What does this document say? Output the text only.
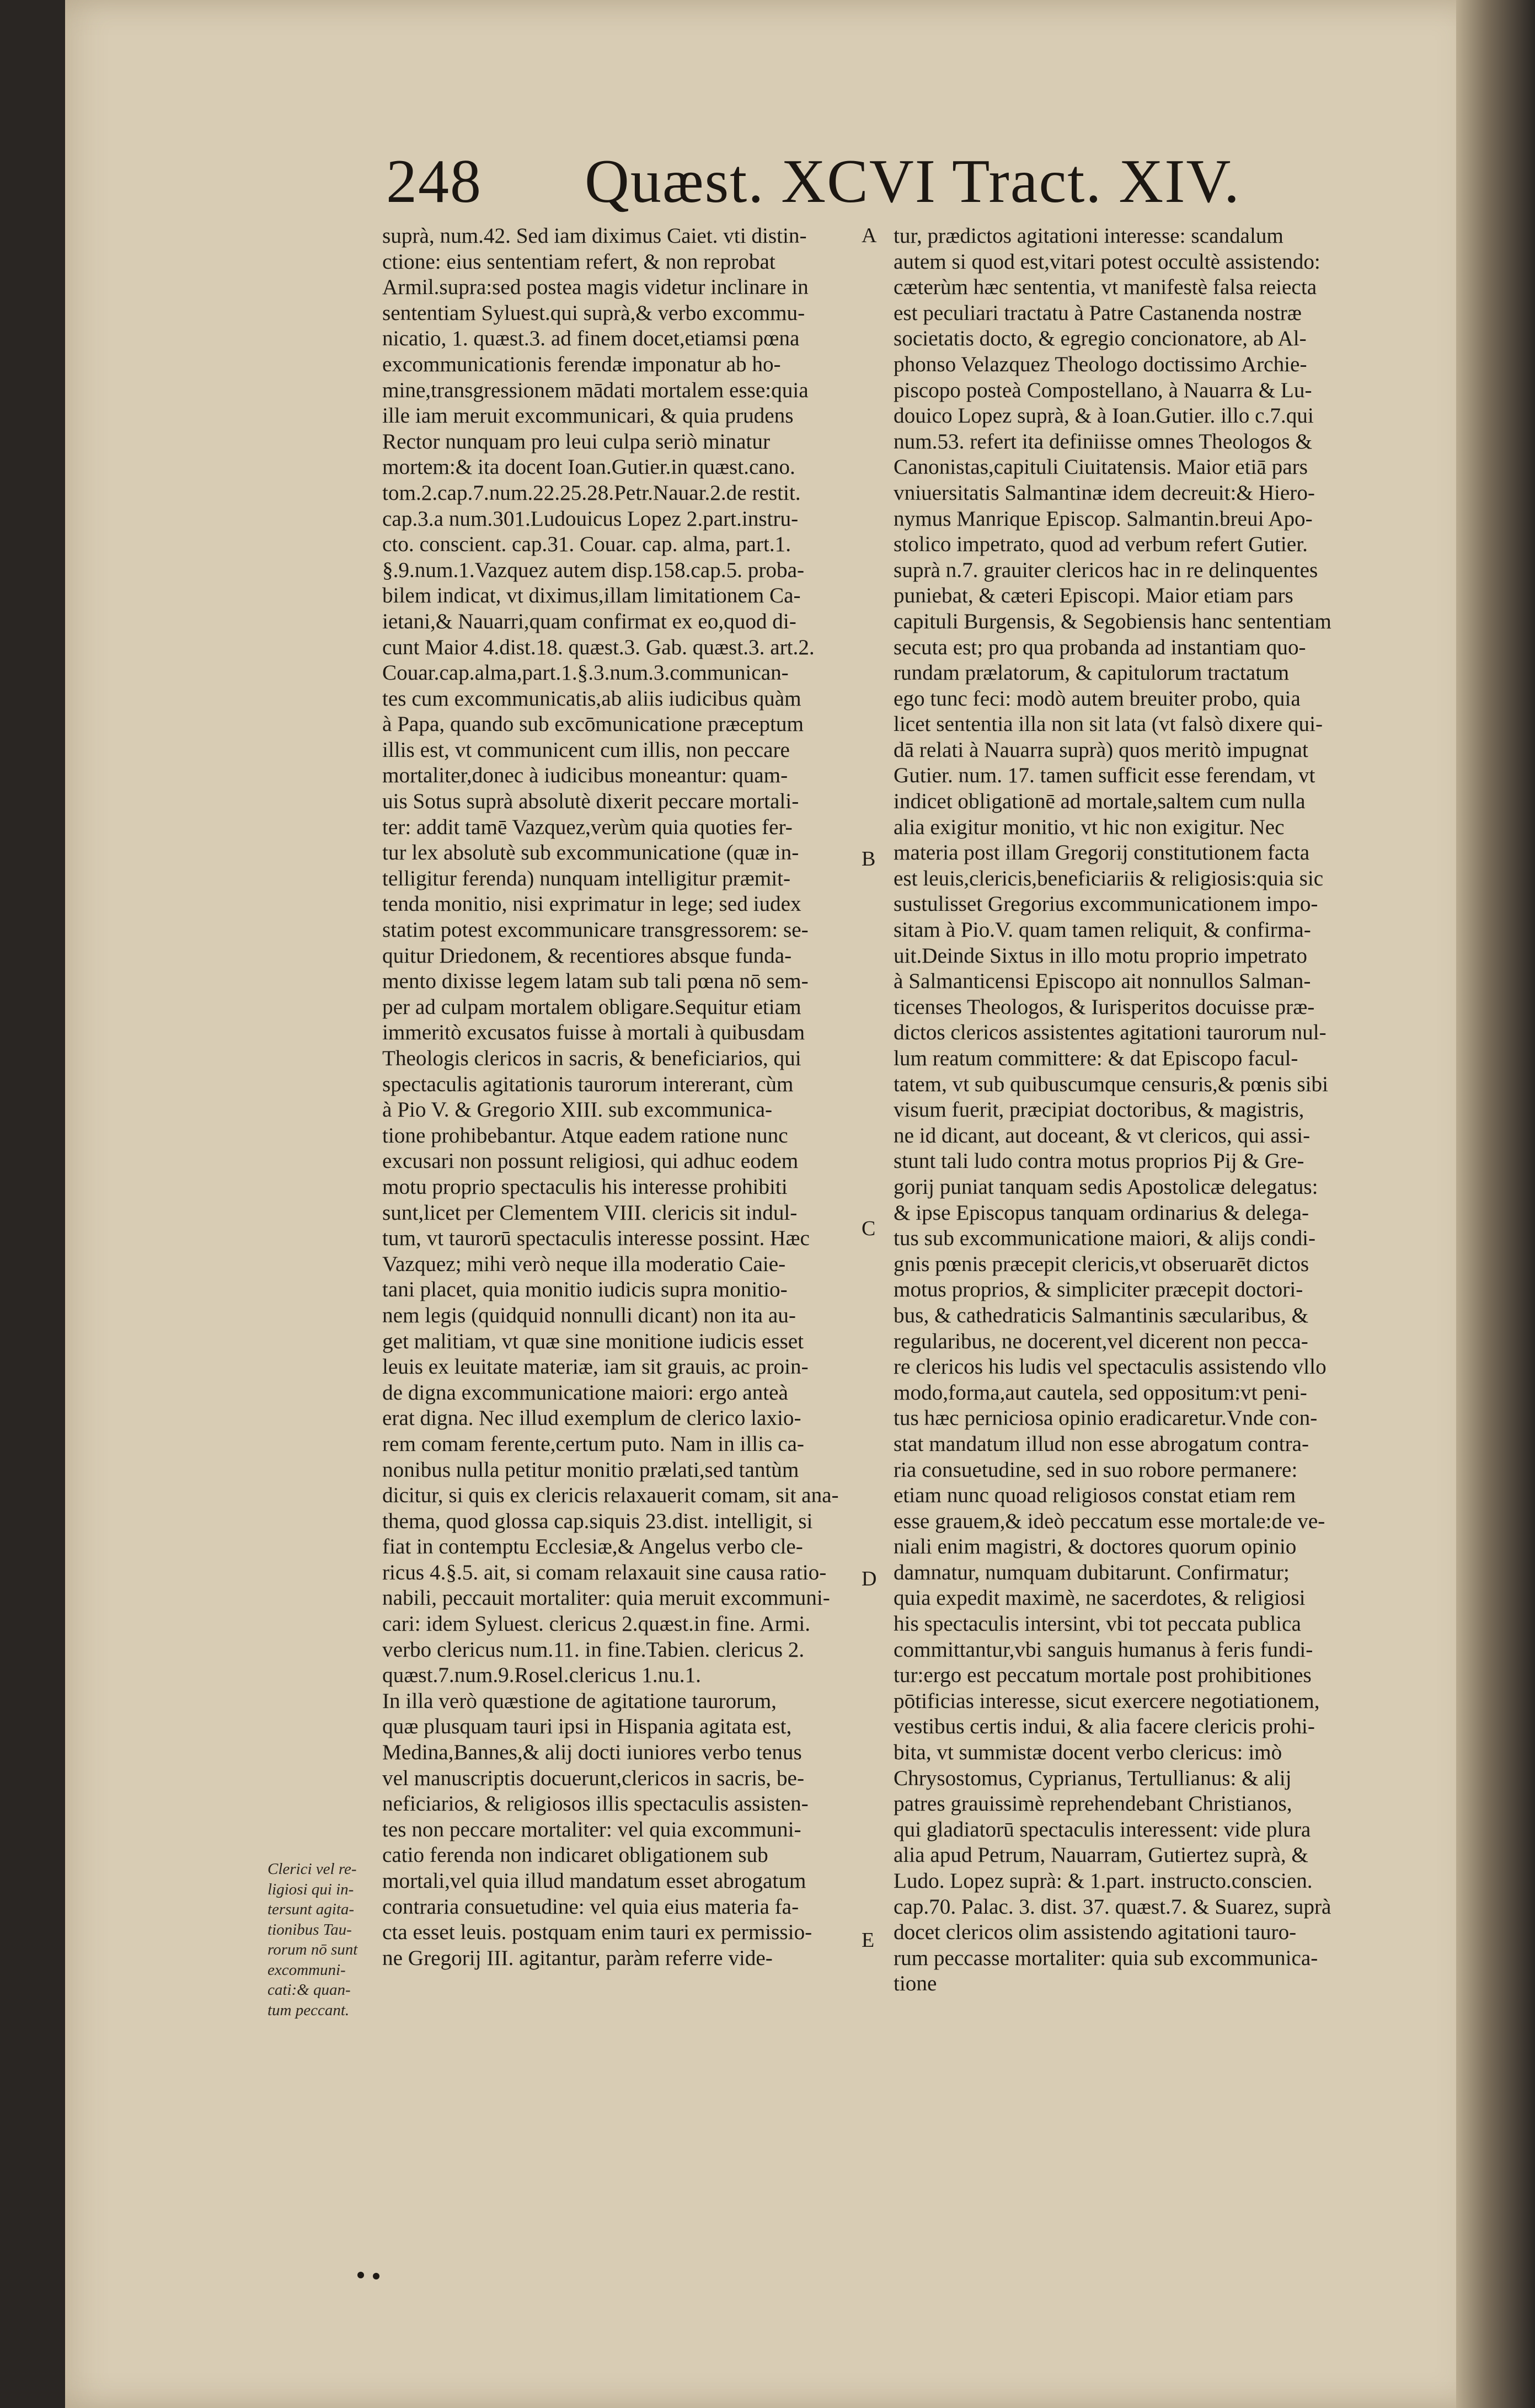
248 Quæst. XCVI Tract. XIV.
suprà, num.42. Sed iam diximus Caiet. vti distin-
ctione: eius sententiam refert, & non reprobat
Armil.supra:sed postea magis videtur inclinare in
sententiam Syluest.qui suprà,& verbo excommu-
nicatio, 1. quæst.3. ad finem docet,etiamsi pœna
excommunicationis ferendæ imponatur ab ho-
mine,transgressionem mādati mortalem esse:quia
ille iam meruit excommunicari, & quia prudens
Rector nunquam pro leui culpa seriò minatur
mortem:& ita docent Ioan.Gutier.in quæst.cano.
tom.2.cap.7.num.22.25.28.Petr.Nauar.2.de restit.
cap.3.a num.301.Ludouicus Lopez 2.part.instru-
cto. conscient. cap.31. Couar. cap. alma, part.1.
§.9.num.1.Vazquez autem disp.158.cap.5. proba-
bilem indicat, vt diximus,illam limitationem Ca-
ietani,& Nauarri,quam confirmat ex eo,quod di-
cunt Maior 4.dist.18. quæst.3. Gab. quæst.3. art.2.
Couar.cap.alma,part.1.§.3.num.3.communican-
tes cum excommunicatis,ab aliis iudicibus quàm
à Papa, quando sub excōmunicatione præceptum
illis est, vt communicent cum illis, non peccare
mortaliter,donec à iudicibus moneantur: quam-
uis Sotus suprà absolutè dixerit peccare mortali-
ter: addit tamē Vazquez,verùm quia quoties fer-
tur lex absolutè sub excommunicatione (quæ in-
telligitur ferenda) nunquam intelligitur præmit-
tenda monitio, nisi exprimatur in lege; sed iudex
statim potest excommunicare transgressorem: se-
quitur Driedonem, & recentiores absque funda-
mento dixisse legem latam sub tali pœna nō sem-
per ad culpam mortalem obligare.Sequitur etiam
immeritò excusatos fuisse à mortali à quibusdam
Theologis clericos in sacris, & beneficiarios, qui
spectaculis agitationis taurorum intererant, cùm
à Pio V. & Gregorio XIII. sub excommunica-
tione prohibebantur. Atque eadem ratione nunc
excusari non possunt religiosi, qui adhuc eodem
motu proprio spectaculis his interesse prohibiti
sunt,licet per Clementem VIII. clericis sit indul-
tum, vt taurorū spectaculis interesse possint. Hæc
Vazquez; mihi verò neque illa moderatio Caie-
tani placet, quia monitio iudicis supra monitio-
nem legis (quidquid nonnulli dicant) non ita au-
get malitiam, vt quæ sine monitione iudicis esset
leuis ex leuitate materiæ, iam sit grauis, ac proin-
de digna excommunicatione maiori: ergo anteà
erat digna. Nec illud exemplum de clerico laxio-
rem comam ferente,certum puto. Nam in illis ca-
nonibus nulla petitur monitio prælati,sed tantùm
dicitur, si quis ex clericis relaxauerit comam, sit ana-
thema, quod glossa cap.siquis 23.dist. intelligit, si
fiat in contemptu Ecclesiæ,& Angelus verbo cle-
ricus 4.§.5. ait, si comam relaxauit sine causa ratio-
nabili, peccauit mortaliter: quia meruit excommuni-
cari: idem Syluest. clericus 2.quæst.in fine. Armi.
verbo clericus num.11. in fine.Tabien. clericus 2.
quæst.7.num.9.Rosel.clericus 1.nu.1.
In illa verò quæstione de agitatione taurorum,
quæ plusquam tauri ipsi in Hispania agitata est,
Medina,Bannes,& alij docti iuniores verbo tenus
vel manuscriptis docuerunt,clericos in sacris, be-
neficiarios, & religiosos illis spectaculis assisten-
tes non peccare mortaliter: vel quia excommuni-
catio ferenda non indicaret obligationem sub
mortali,vel quia illud mandatum esset abrogatum
contraria consuetudine: vel quia eius materia fa-
cta esset leuis. postquam enim tauri ex permissio-
ne Gregorij III. agitantur, paràm referre vide-
tur, prædictos agitationi interesse: scandalum
autem si quod est,vitari potest occultè assistendo:
cæterùm hæc sententia, vt manifestè falsa reiecta
est peculiari tractatu à Patre Castanenda nostræ
societatis docto, & egregio concionatore, ab Al-
phonso Velazquez Theologo doctissimo Archie-
piscopo posteà Compostellano, à Nauarra & Lu-
douico Lopez suprà, & à Ioan.Gutier. illo c.7.qui
num.53. refert ita definiisse omnes Theologos &
Canonistas,capituli Ciuitatensis. Maior etiā pars
vniuersitatis Salmantinæ idem decreuit:& Hiero-
nymus Manrique Episcop. Salmantin.breui Apo-
stolico impetrato, quod ad verbum refert Gutier.
suprà n.7. grauiter clericos hac in re delinquentes
puniebat, & cæteri Episcopi. Maior etiam pars
capituli Burgensis, & Segobiensis hanc sententiam
secuta est; pro qua probanda ad instantiam quo-
rundam prælatorum, & capitulorum tractatum
ego tunc feci: modò autem breuiter probo, quia
licet sententia illa non sit lata (vt falsò dixere qui-
dā relati à Nauarra suprà) quos meritò impugnat
Gutier. num. 17. tamen sufficit esse ferendam, vt
indicet obligationē ad mortale,saltem cum nulla
alia exigitur monitio, vt hic non exigitur. Nec
materia post illam Gregorij constitutionem facta
est leuis,clericis,beneficiariis & religiosis:quia sic
sustulisset Gregorius excommunicationem impo-
sitam à Pio.V. quam tamen reliquit, & confirma-
uit.Deinde Sixtus in illo motu proprio impetrato
à Salmanticensi Episcopo ait nonnullos Salman-
ticenses Theologos, & Iurisperitos docuisse præ-
dictos clericos assistentes agitationi taurorum nul-
lum reatum committere: & dat Episcopo facul-
tatem, vt sub quibuscumque censuris,& pœnis sibi
visum fuerit, præcipiat doctoribus, & magistris,
ne id dicant, aut doceant, & vt clericos, qui assi-
stunt tali ludo contra motus proprios Pij & Gre-
gorij puniat tanquam sedis Apostolicæ delegatus:
& ipse Episcopus tanquam ordinarius & delega-
tus sub excommunicatione maiori, & alijs condi-
gnis pœnis præcepit clericis,vt obseruarēt dictos
motus proprios, & simpliciter præcepit doctori-
bus, & cathedraticis Salmantinis sæcularibus, &
regularibus, ne docerent,vel dicerent non pecca-
re clericos his ludis vel spectaculis assistendo vllo
modo,forma,aut cautela, sed oppositum:vt peni-
tus hæc perniciosa opinio eradicaretur.Vnde con-
stat mandatum illud non esse abrogatum contra-
ria consuetudine, sed in suo robore permanere:
etiam nunc quoad religiosos constat etiam rem
esse grauem,& ideò peccatum esse mortale:de ve-
niali enim magistri, & doctores quorum opinio
damnatur, numquam dubitarunt. Confirmatur;
quia expedit maximè, ne sacerdotes, & religiosi
his spectaculis intersint, vbi tot peccata publica
committantur,vbi sanguis humanus à feris fundi-
tur:ergo est peccatum mortale post prohibitiones
pōtificias interesse, sicut exercere negotiationem,
vestibus certis indui, & alia facere clericis prohi-
bita, vt summistæ docent verbo clericus: imò
Chrysostomus, Cyprianus, Tertullianus: & alij
patres grauissimè reprehendebant Christianos,
qui gladiatorū spectaculis interessent: vide plura
alia apud Petrum, Nauarram, Gutiertez suprà, &
Ludo. Lopez suprà: & 1.part. instructo.conscien.
cap.70. Palac. 3. dist. 37. quæst.7. & Suarez, suprà
docet clericos olim assistendo agitationi tauro-
rum peccasse mortaliter: quia sub excommunica-
tione
A
B
C
D
E
Clerici vel re-
ligiosi qui in-
tersunt agita-
tionibus Tau-
rorum nō sunt
excommuni-
cati:& quan-
tum peccant.
